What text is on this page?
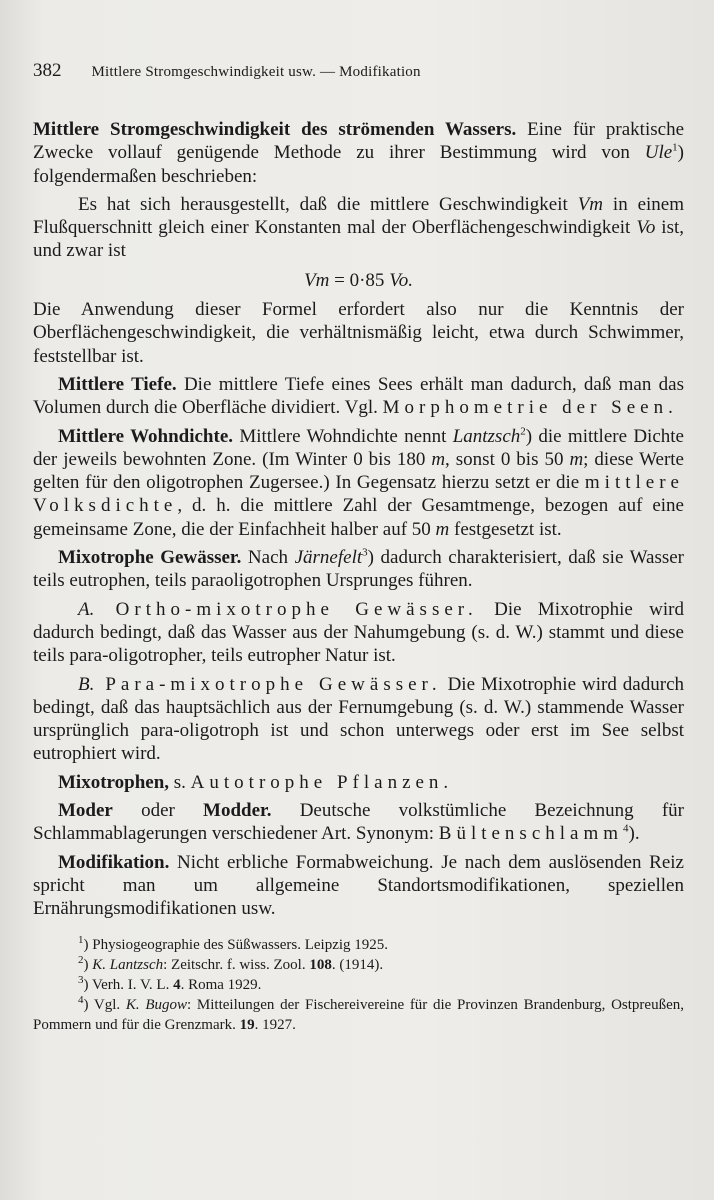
382 Mittlere Stromgeschwindigkeit usw. — Modifikation

Mittlere Stromgeschwindigkeit des strömenden Wassers. Eine für praktische Zwecke vollauf genügende Methode zu ihrer Bestimmung wird von Ule$^1$) folgendermaßen beschrieben:

Es hat sich herausgestellt, daß die mittlere Geschwindigkeit Vm in einem Flußquerschnitt gleich einer Konstanten mal der Oberflächengeschwindigkeit Vo ist, und zwar ist

Vm = 0·85 Vo.

Die Anwendung dieser Formel erfordert also nur die Kenntnis der Oberflächengeschwindigkeit, die verhältnismäßig leicht, etwa durch Schwimmer, feststellbar ist.

Mittlere Tiefe. Die mittlere Tiefe eines Sees erhält man dadurch, daß man das Volumen durch die Oberfläche dividiert. Vgl. Morphometrie der Seen.

Mittlere Wohndichte. Mittlere Wohndichte nennt Lantzsch$^2$) die mittlere Dichte der jeweils bewohnten Zone. (Im Winter 0 bis 180 m, sonst 0 bis 50 m; diese Werte gelten für den oligotrophen Zugersee.) In Gegensatz hierzu setzt er die mittlere Volksdichte, d. h. die mittlere Zahl der Gesamtmenge, bezogen auf eine gemeinsame Zone, die der Einfachheit halber auf 50 m festgesetzt ist.

Mixotrophe Gewässer. Nach Järnefelt$^3$) dadurch charakterisiert, daß sie Wasser teils eutrophen, teils paraoligotrophen Ursprunges führen.

A. Ortho-mixotrophe Gewässer. Die Mixotrophie wird dadurch bedingt, daß das Wasser aus der Nahumgebung (s. d. W.) stammt und diese teils para-oligotropher, teils eutropher Natur ist.

B. Para-mixotrophe Gewässer. Die Mixotrophie wird dadurch bedingt, daß das hauptsächlich aus der Fernumgebung (s. d. W.) stammende Wasser ursprünglich para-oligotroph ist und schon unterwegs oder erst im See selbst eutrophiert wird.

Mixotrophen, s. Autotrophe Pflanzen.

Moder oder Modder. Deutsche volkstümliche Bezeichnung für Schlammablagerungen verschiedener Art. Synonym: Bültenschlamm$^4$).

Modifikation. Nicht erbliche Formabweichung. Je nach dem auslösenden Reiz spricht man um allgemeine Standortsmodifikationen, speziellen Ernährungsmodifikationen usw.

$^1$) Physiogeographie des Süßwassers. Leipzig 1925.

$^2$) K. Lantzsch: Zeitschr. f. wiss. Zool. 108. (1914).

$^3$) Verh. I. V. L. 4. Roma 1929.

$^4$) Vgl. K. Bugow: Mitteilungen der Fischereivereine für die Provinzen Brandenburg, Ostpreußen, Pommern und für die Grenzmark. 19. 1927.
